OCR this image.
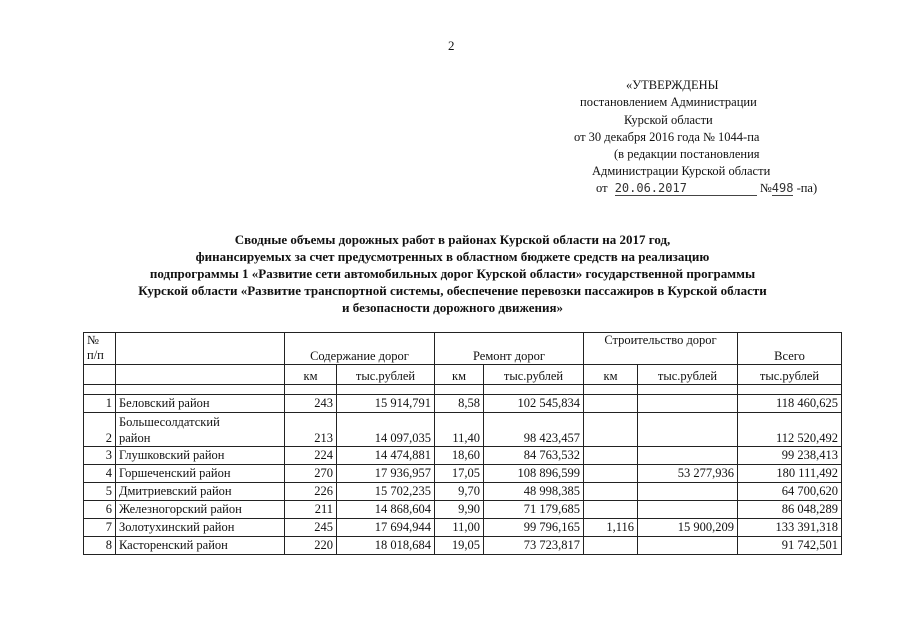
2
«УТВЕРЖДЕНЫ
постановлением Администрации
Курской области
от 30 декабря 2016 года № 1044-па
(в редакции постановления
Администрации Курской области
от 20.06.2017	№498 -па)
Сводные объемы дорожных работ в районах Курской области на 2017 год,
финансируемых за счет предусмотренных в областном бюджете средств на реализацию
подпрограммы 1 «Развитие сети автомобильных дорог Курской области» государственной программы
Курской области «Развитие транспортной системы, обеспечение перевозки пассажиров в Курской области
и безопасности дорожного движения»
№ п/п		Содержание дорог		Ремонт дорог		Строительство дорог		Всего
		км	тыс.рублей	км	тыс.рублей	км	тыс.рублей	тыс.рублей

1	Беловский район	243	15 914,791	8,58	102 545,834			118 460,625
2	Большесолдатский район	213	14 097,035	11,40	98 423,457			112 520,492
3	Глушковский район	224	14 474,881	18,60	84 763,532			99 238,413
4	Горшеченский район	270	17 936,957	17,05	108 896,599		53 277,936	180 111,492
5	Дмитриевский район	226	15 702,235	9,70	48 998,385			64 700,620
6	Железногорский район	211	14 868,604	9,90	71 179,685			86 048,289
7	Золотухинский район	245	17 694,944	11,00	99 796,165	1,116	15 900,209	133 391,318
8	Касторенский район	220	18 018,684	19,05	73 723,817			91 742,501
